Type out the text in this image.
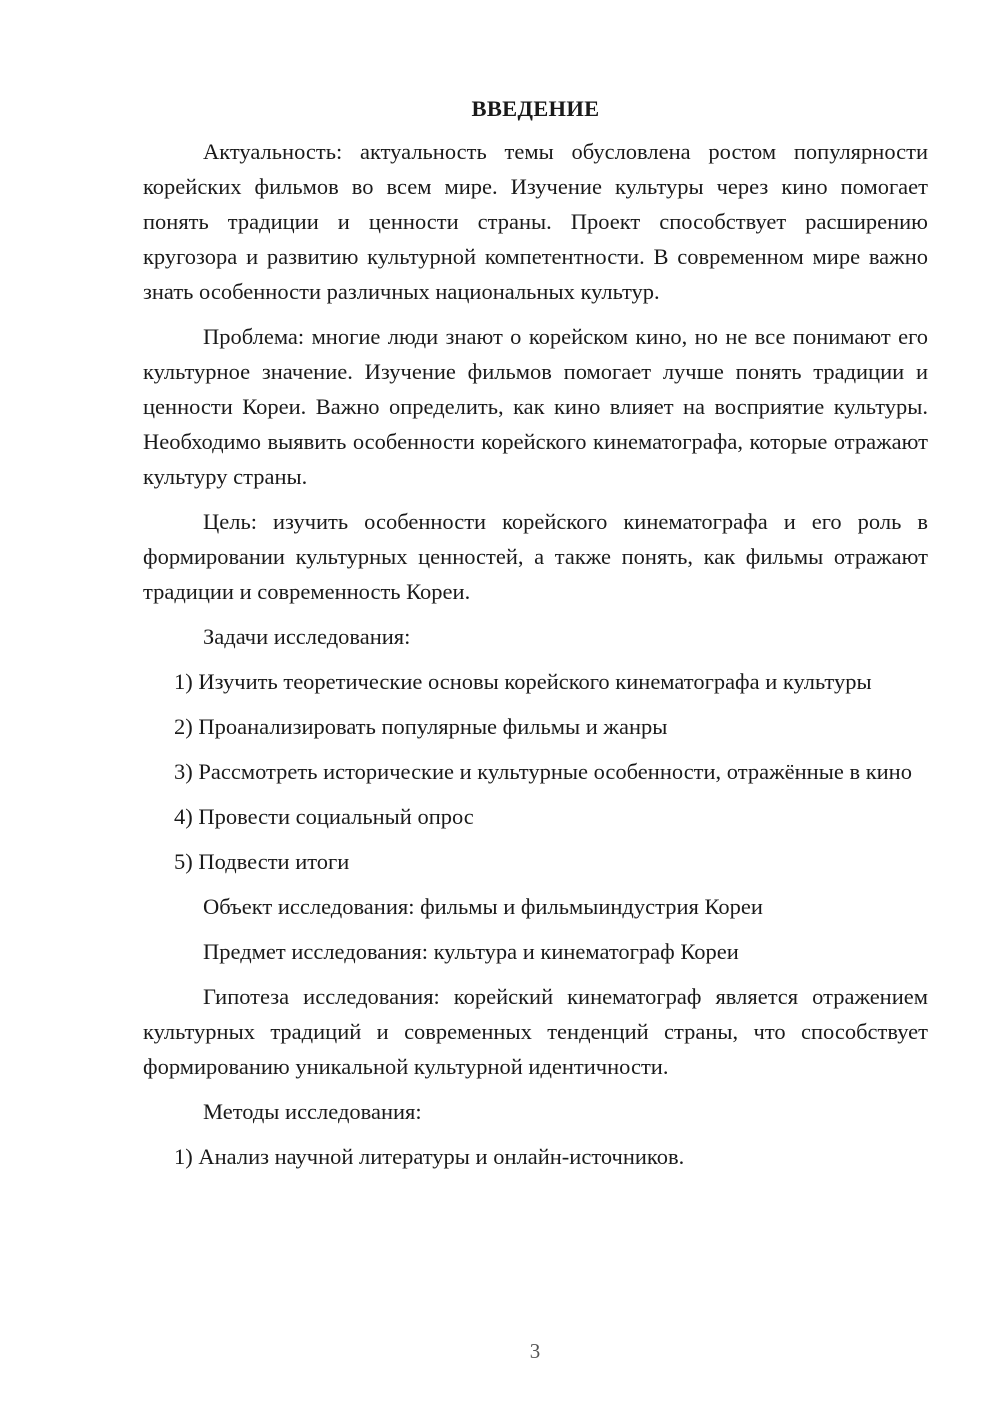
ВВЕДЕНИЕ

Актуальность: актуальность темы обусловлена ростом популярности корейских фильмов во всем мире. Изучение культуры через кино помогает понять традиции и ценности страны. Проект способствует расширению кругозора и развитию культурной компетентности. В современном мире важно знать особенности различных национальных культур.

Проблема: многие люди знают о корейском кино, но не все понимают его культурное значение. Изучение фильмов помогает лучше понять традиции и ценности Кореи. Важно определить, как кино влияет на восприятие культуры. Необходимо выявить особенности корейского кинематографа, которые отражают культуру страны.

Цель: изучить особенности корейского кинематографа и его роль в формировании культурных ценностей, а также понять, как фильмы отражают традиции и современность Кореи.

Задачи исследования:

1) Изучить теоретические основы корейского кинематографа и культуры

2) Проанализировать популярные фильмы и жанры

3) Рассмотреть исторические и культурные особенности, отражённые в кино

4) Провести социальный опрос

5) Подвести итоги

Объект исследования: фильмы и фильмыиндустрия Кореи

Предмет исследования: культура и кинематограф Кореи

Гипотеза исследования: корейский кинематограф является отражением культурных традиций и современных тенденций страны, что способствует формированию уникальной культурной идентичности.

Методы исследования:

1) Анализ научной литературы и онлайн-источников.

3
